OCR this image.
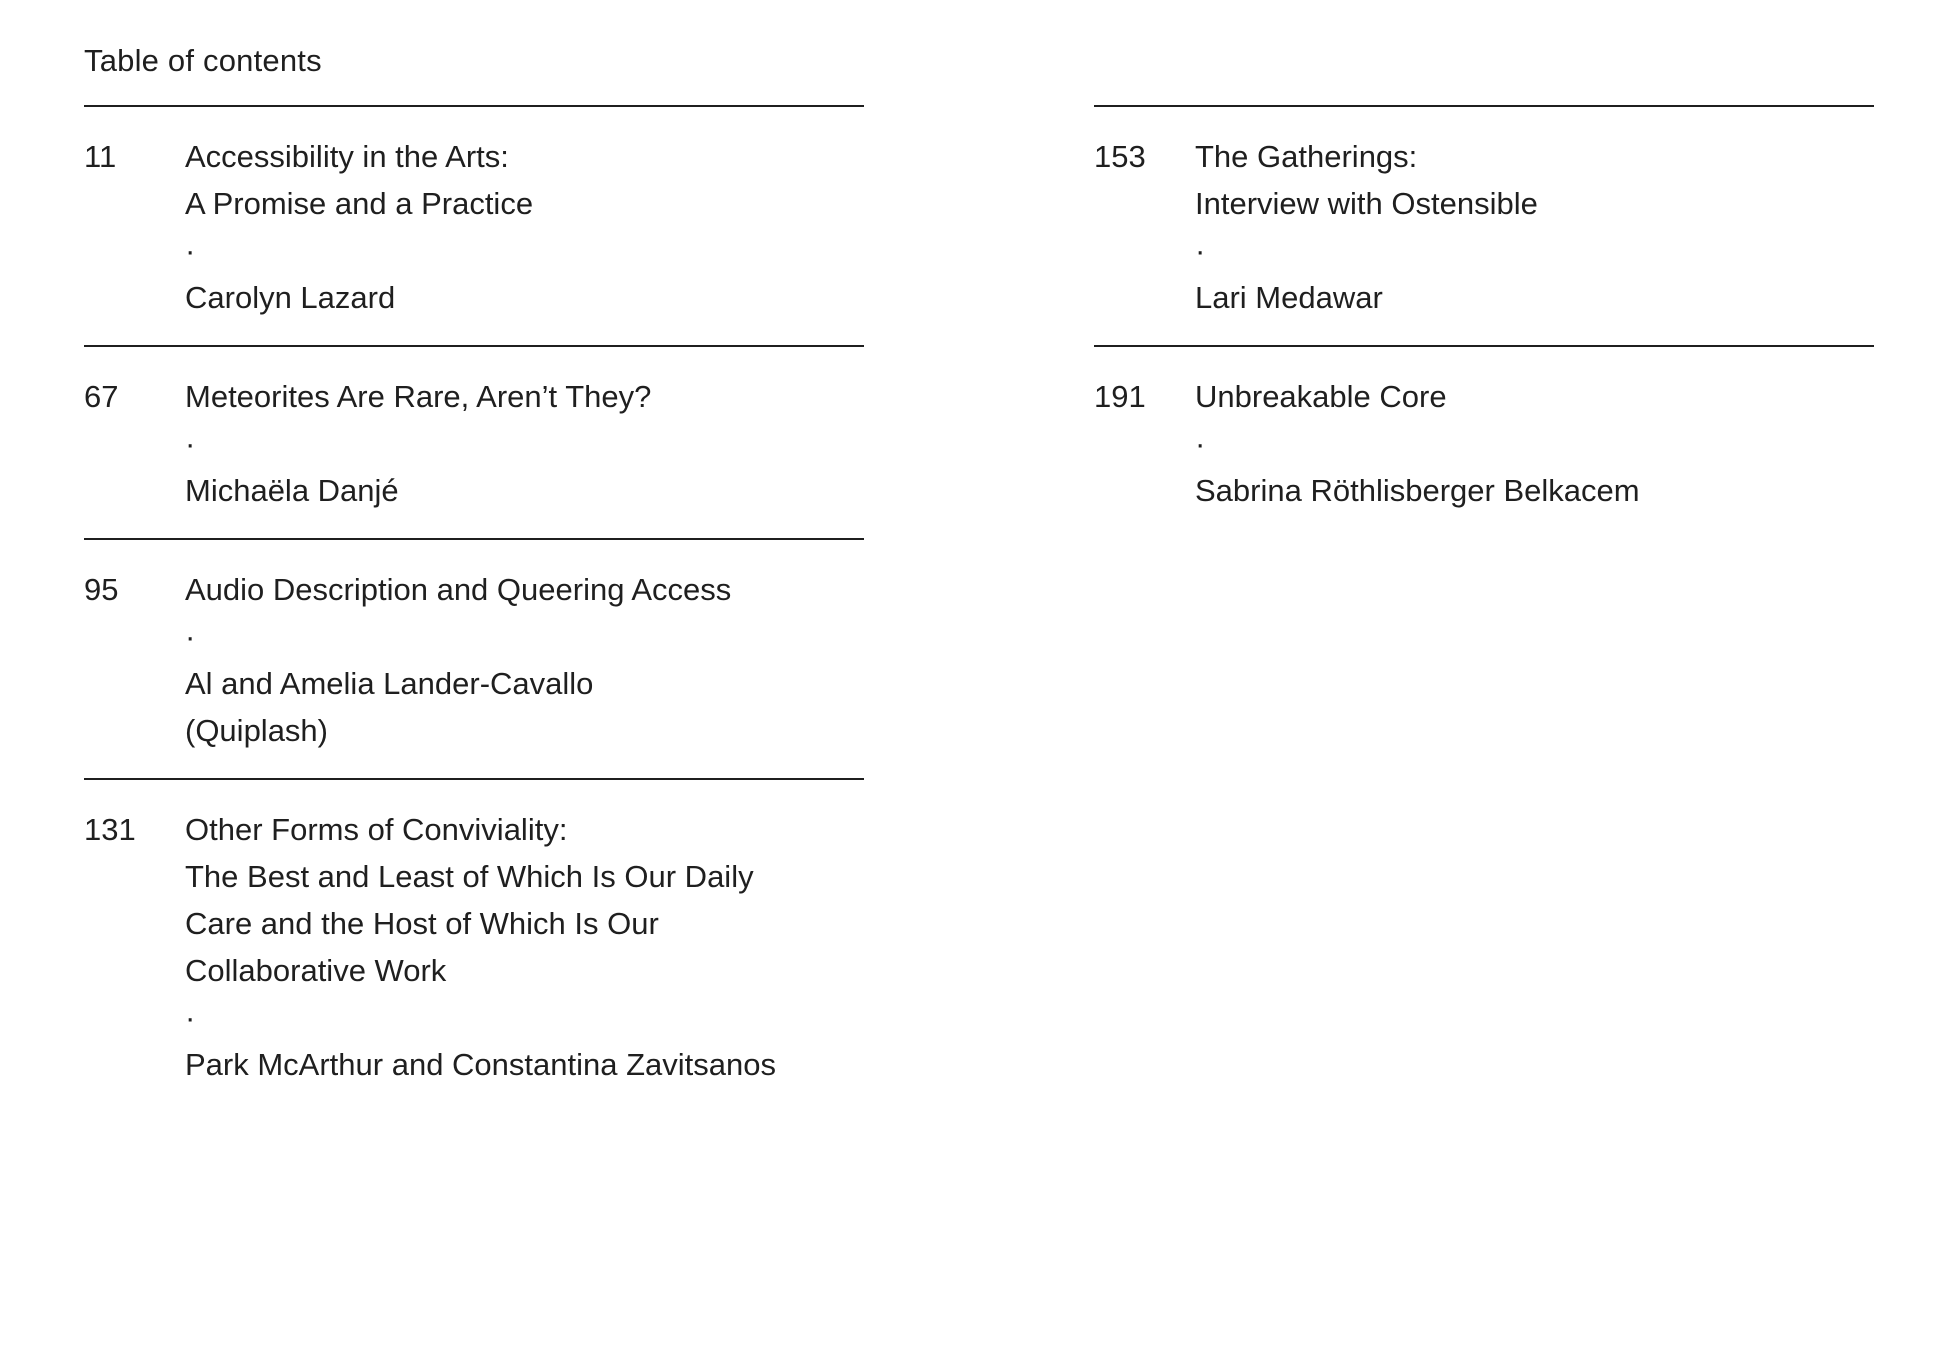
Table of contents
11	Accessibility in the Arts:
A Promise and a Practice
·
Carolyn Lazard
67	Meteorites Are Rare, Aren’t They?
·
Michaëla Danjé
95	Audio Description and Queering Access
·
Al and Amelia Lander-Cavallo
(Quiplash)
131	Other Forms of Conviviality:
The Best and Least of Which Is Our Daily
Care and the Host of Which Is Our
Collaborative Work
·
Park McArthur and Constantina Zavitsanos
153	The Gatherings:
Interview with Ostensible
·
Lari Medawar
191	Unbreakable Core
·
Sabrina Röthlisberger Belkacem
